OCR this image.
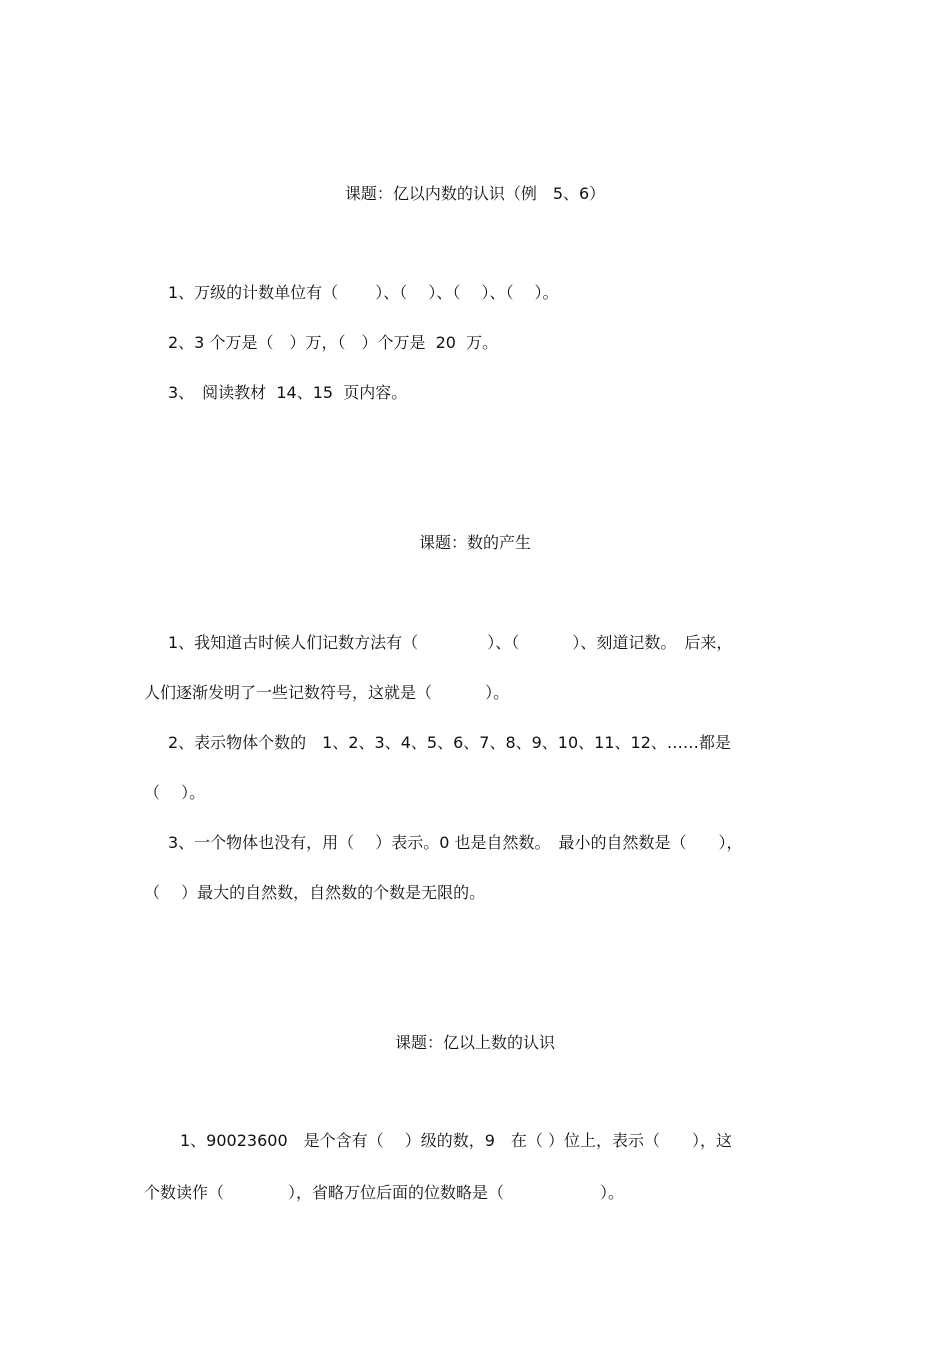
课题：亿以内数的认识（例　5、6）
1、万级的计数单位有（　　 ）、（　 ）、（　 ）、（　 ）。
2、3 个万是（　）万，（　）个万是  20  万。
3、　阅读教材  14、15  页内容。
课题：数的产生
1、我知道古时候人们记数方法有（　　　　 ）、（　　　 ）、刻道记数。　后来，
人们逐渐发明了一些记数符号，这就是（　　　 ）。
2、表示物体个数的　1、2、3、4、5、6、7、8、9、10、11、12、……都是
（　 ）。
3、一个物体也没有，用（　 ）表示。0 也是自然数。　最小的自然数是（　　），
（　 ）最大的自然数，自然数的个数是无限的。
课题：亿以上数的认识
1、90023600　是个含有（　 ）级的数，9　在（ ）位上，表示（　　），这
个数读作（　　　　），省略万位后面的位数略是（　　　　　　）。
